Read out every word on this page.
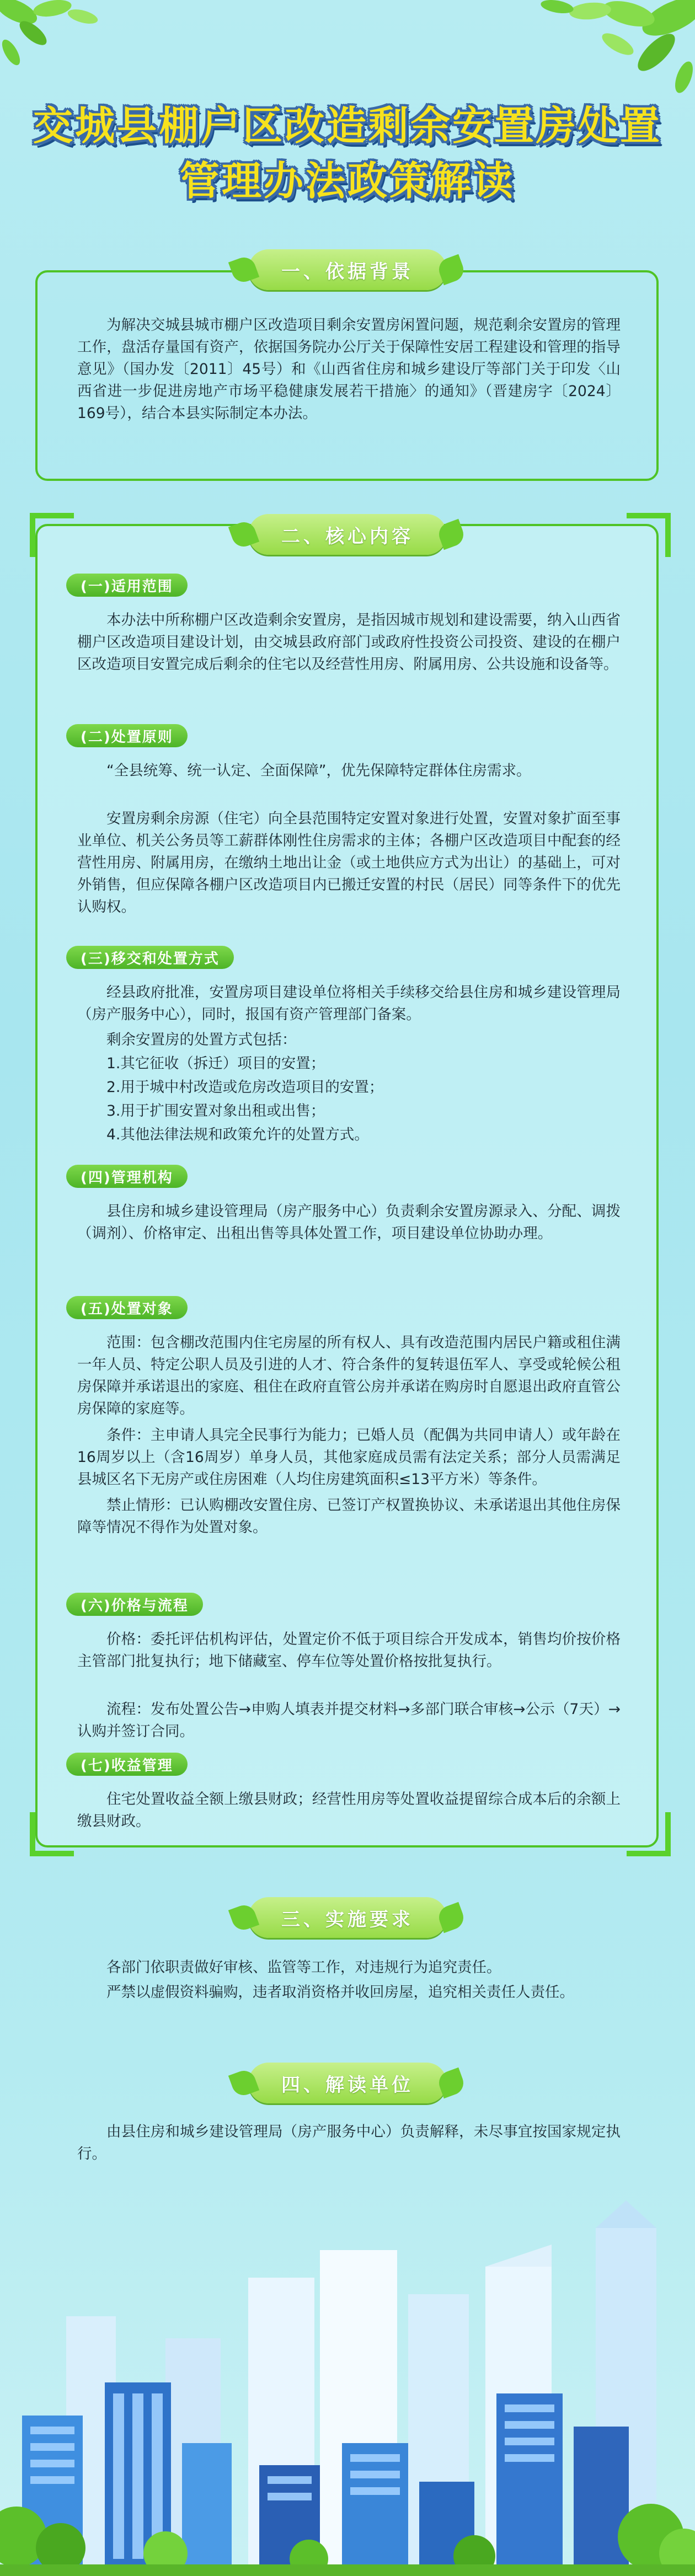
交城县棚户区改造剩余安置房处置
管理办法政策解读
一、依据背景

为解决交城县城市棚户区改造项目剩余安置房闲置问题，规范剩余安置房的管理工作，盘活存量国有资产，依据国务院办公厅关于保障性安居工程建设和管理的指导意见》（国办发〔2011〕45号）和《山西省住房和城乡建设厅等部门关于印发〈山西省进一步促进房地产市场平稳健康发展若干措施〉的通知》（晋建房字〔2024〕169号），结合本县实际制定本办法。

二、核心内容
(一)适用范围

本办法中所称棚户区改造剩余安置房，是指因城市规划和建设需要，纳入山西省棚户区改造项目建设计划，由交城县政府部门或政府性投资公司投资、建设的在棚户区改造项目安置完成后剩余的住宅以及经营性用房、附属用房、公共设施和设备等。

(二)处置原则

“全县统筹、统一认定、全面保障”，优先保障特定群体住房需求。

安置房剩余房源（住宅）向全县范围特定安置对象进行处置，安置对象扩面至事业单位、机关公务员等工薪群体刚性住房需求的主体；各棚户区改造项目中配套的经营性用房、附属用房，在缴纳土地出让金（或土地供应方式为出让）的基础上，可对外销售，但应保障各棚户区改造项目内已搬迁安置的村民（居民）同等条件下的优先认购权。

(三)移交和处置方式

经县政府批准，安置房项目建设单位将相关手续移交给县住房和城乡建设管理局（房产服务中心），同时，报国有资产管理部门备案。

剩余安置房的处置方式包括：

1.其它征收（拆迁）项目的安置；

2.用于城中村改造或危房改造项目的安置；

3.用于扩围安置对象出租或出售；

4.其他法律法规和政策允许的处置方式。

(四)管理机构

县住房和城乡建设管理局（房产服务中心）负责剩余安置房源录入、分配、调拨（调剂）、价格审定、出租出售等具体处置工作，项目建设单位协助办理。

(五)处置对象

范围：包含棚改范围内住宅房屋的所有权人、具有改造范围内居民户籍或租住满一年人员、特定公职人员及引进的人才、符合条件的复转退伍军人、享受或轮候公租房保障并承诺退出的家庭、租住在政府直管公房并承诺在购房时自愿退出政府直管公房保障的家庭等。

条件：主申请人具完全民事行为能力；已婚人员（配偶为共同申请人）或年龄在16周岁以上（含16周岁）单身人员，其他家庭成员需有法定关系；部分人员需满足县城区名下无房产或住房困难（人均住房建筑面积≤13平方米）等条件。

禁止情形：已认购棚改安置住房、已签订产权置换协议、未承诺退出其他住房保障等情况不得作为处置对象。

(六)价格与流程

价格：委托评估机构评估，处置定价不低于项目综合开发成本，销售均价按价格主管部门批复执行；地下储藏室、停车位等处置价格按批复执行。

流程：发布处置公告→申购人填表并提交材料→多部门联合审核→公示（7天）→认购并签订合同。

(七)收益管理

住宅处置收益全额上缴县财政；经营性用房等处置收益提留综合成本后的余额上缴县财政。

三、实施要求

各部门依职责做好审核、监管等工作，对违规行为追究责任。

严禁以虚假资料骗购，违者取消资格并收回房屋，追究相关责任人责任。

四、解读单位

由县住房和城乡建设管理局（房产服务中心）负责解释，未尽事宜按国家规定执行。
